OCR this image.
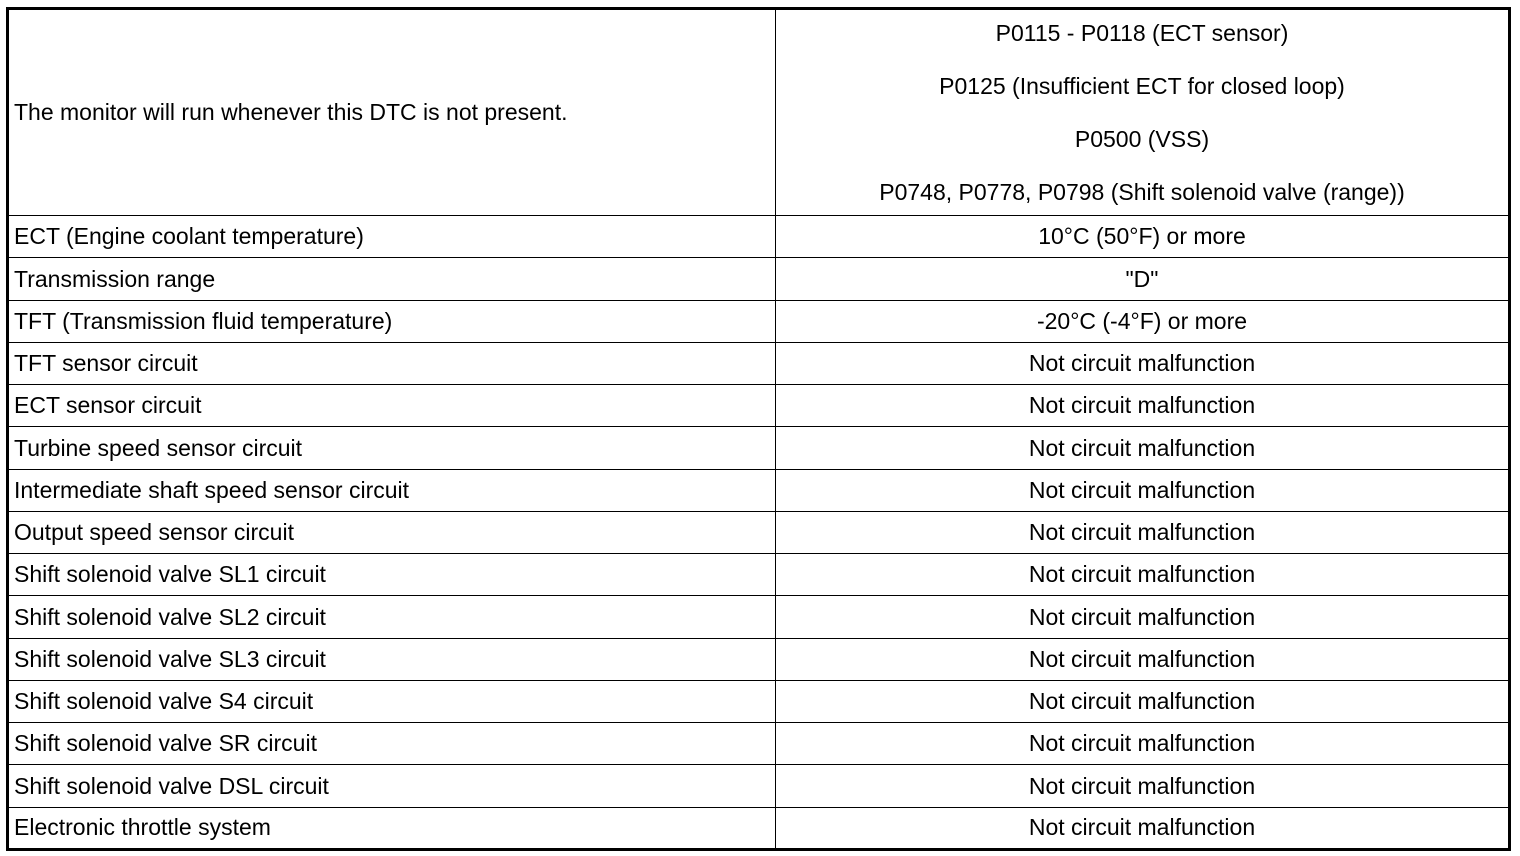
The monitor will run whenever this DTC is not present.	P0115 - P0118 (ECT sensor)
P0125 (Insufficient ECT for closed loop)
P0500 (VSS)
P0748, P0778, P0798 (Shift solenoid valve (range))

ECT (Engine coolant temperature)	10°C (50°F) or more
Transmission range	"D"
TFT (Transmission fluid temperature)	-20°C (-4°F) or more
TFT sensor circuit	Not circuit malfunction
ECT sensor circuit	Not circuit malfunction
Turbine speed sensor circuit	Not circuit malfunction
Intermediate shaft speed sensor circuit	Not circuit malfunction
Output speed sensor circuit	Not circuit malfunction
Shift solenoid valve SL1 circuit	Not circuit malfunction
Shift solenoid valve SL2 circuit	Not circuit malfunction
Shift solenoid valve SL3 circuit	Not circuit malfunction
Shift solenoid valve S4 circuit	Not circuit malfunction
Shift solenoid valve SR circuit	Not circuit malfunction
Shift solenoid valve DSL circuit	Not circuit malfunction
Electronic throttle system	Not circuit malfunction
